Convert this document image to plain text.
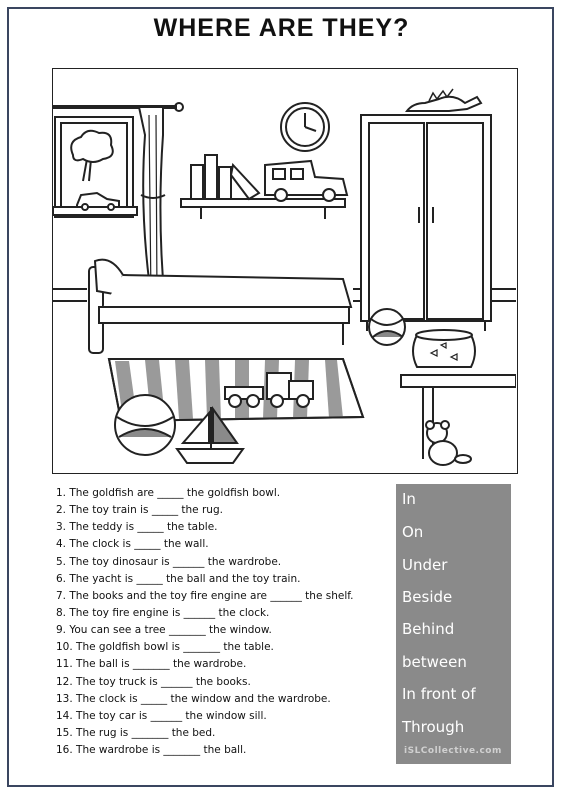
WHERE ARE THEY?
1. The goldfish are _____ the goldfish bowl.
2. The toy train is _____ the rug.
3. The teddy is _____ the table.
4. The clock is _____ the wall.
5. The toy dinosaur is ______ the wardrobe.
6. The yacht is _____ the ball and the toy train.
7. The books and the toy fire engine are ______ the shelf.
8. The toy fire engine is ______ the clock.
9. You can see a tree _______ the window.
10. The goldfish bowl is _______ the table.
11. The ball is _______ the wardrobe.
12. The toy truck is ______ the books.
13. The clock is _____ the window and the wardrobe.
14. The toy car is ______ the window sill.
15. The rug is _______ the bed.
16. The wardrobe is _______ the ball.
In
On
Under
Beside
Behind
between
In front of
Through
iSLCollective.com
